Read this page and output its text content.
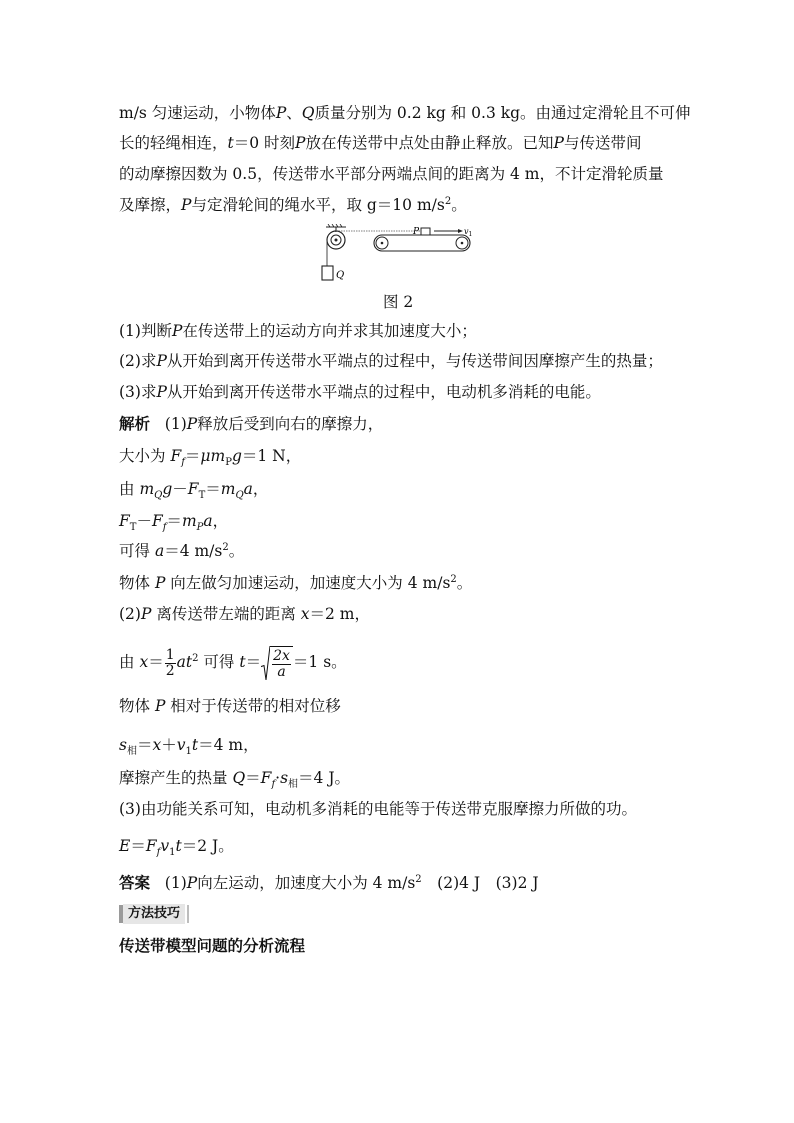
m/s 匀速运动，小物体P、Q质量分别为 0.2 kg 和 0.3 kg。由通过定滑轮且不可伸
长的轻绳相连，t＝0 时刻P放在传送带中点处由静止释放。已知P与传送带间
的动摩擦因数为 0.5，传送带水平部分两端点间的距离为 4 m，不计定滑轮质量
及摩擦，P与定滑轮间的绳水平，取 g＝10 $m/s^2$。
Q
P	$v_1$
图 2
(1)判断P在传送带上的运动方向并求其加速度大小；
(2)求P从开始到离开传送带水平端点的过程中，与传送带间因摩擦产生的热量；
(3)求P从开始到离开传送带水平端点的过程中，电动机多消耗的电能。
解析 (1)P释放后受到向右的摩擦力，
大小为 $F_f=\mu m_Pg=1$ N，
由 $m_Qg-F_T=m_Qa$，
$F_T-F_f=m_Pa$，
可得 a＝4 $m/s^2$。
物体 P 向左做匀加速运动，加速度大小为 4 $m/s^2$。
(2)P 离传送带左端的距离 x＝2 m，
由 $x= \frac{1}{2} at^2$ 可得 $t= \frac{2x}{a} =1$ s。
物体 P 相对于传送带的相对位移
$s_相=x+v_1t=4$ m，
摩擦产生的热量 $Q=F_f\cdot s_相=4$ J。
(3)由功能关系可知，电动机多消耗的电能等于传送带克服摩擦力所做的功。
$E=F_fv_1t=2$ J。
答案 (1)P向左运动，加速度大小为 4 $m/s^2$　(2)4 J　(3)2 J
方法技巧
传送带模型问题的分析流程
